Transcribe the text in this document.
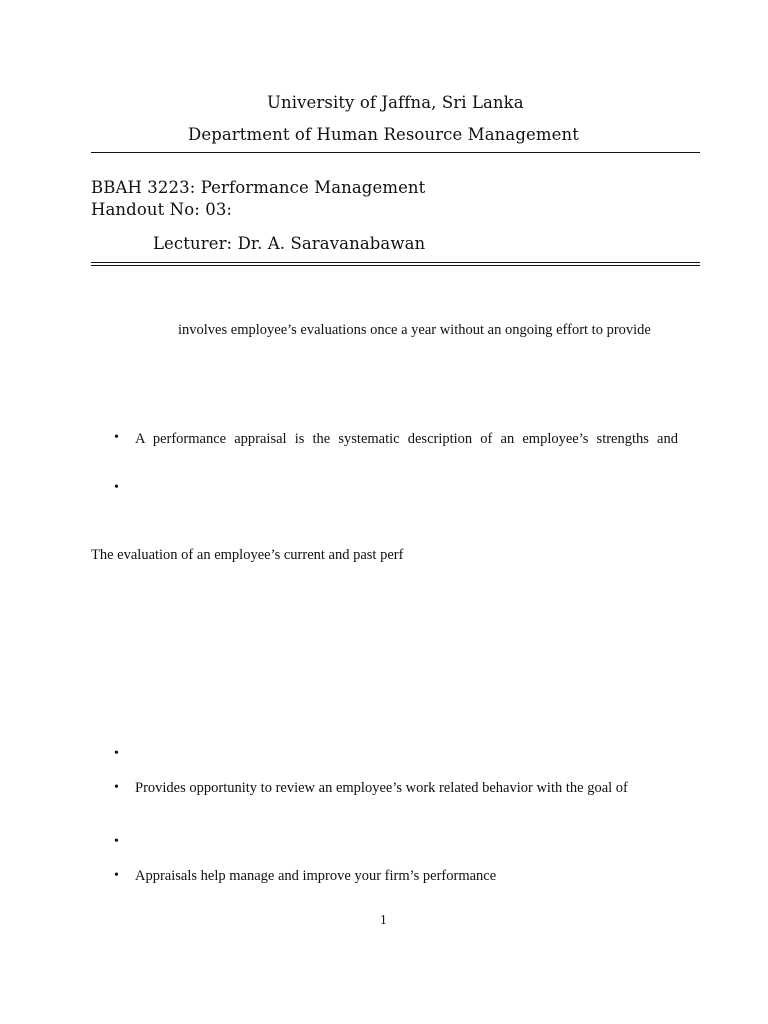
University of Jaffna, Sri Lanka
Department of Human Resource Management
BBAH 3223: Performance Management
Handout No: 03:
Lecturer: Dr. A. Saravanabawan
involves employee’s evaluations once a year without an ongoing effort to provide
• A performance appraisal is the systematic description of an employee’s strengths and
•
The evaluation of an employee’s current and past perf
•
• Provides opportunity to review an employee’s work related behavior with the goal of
•
• Appraisals help manage and improve your firm’s performance
1
